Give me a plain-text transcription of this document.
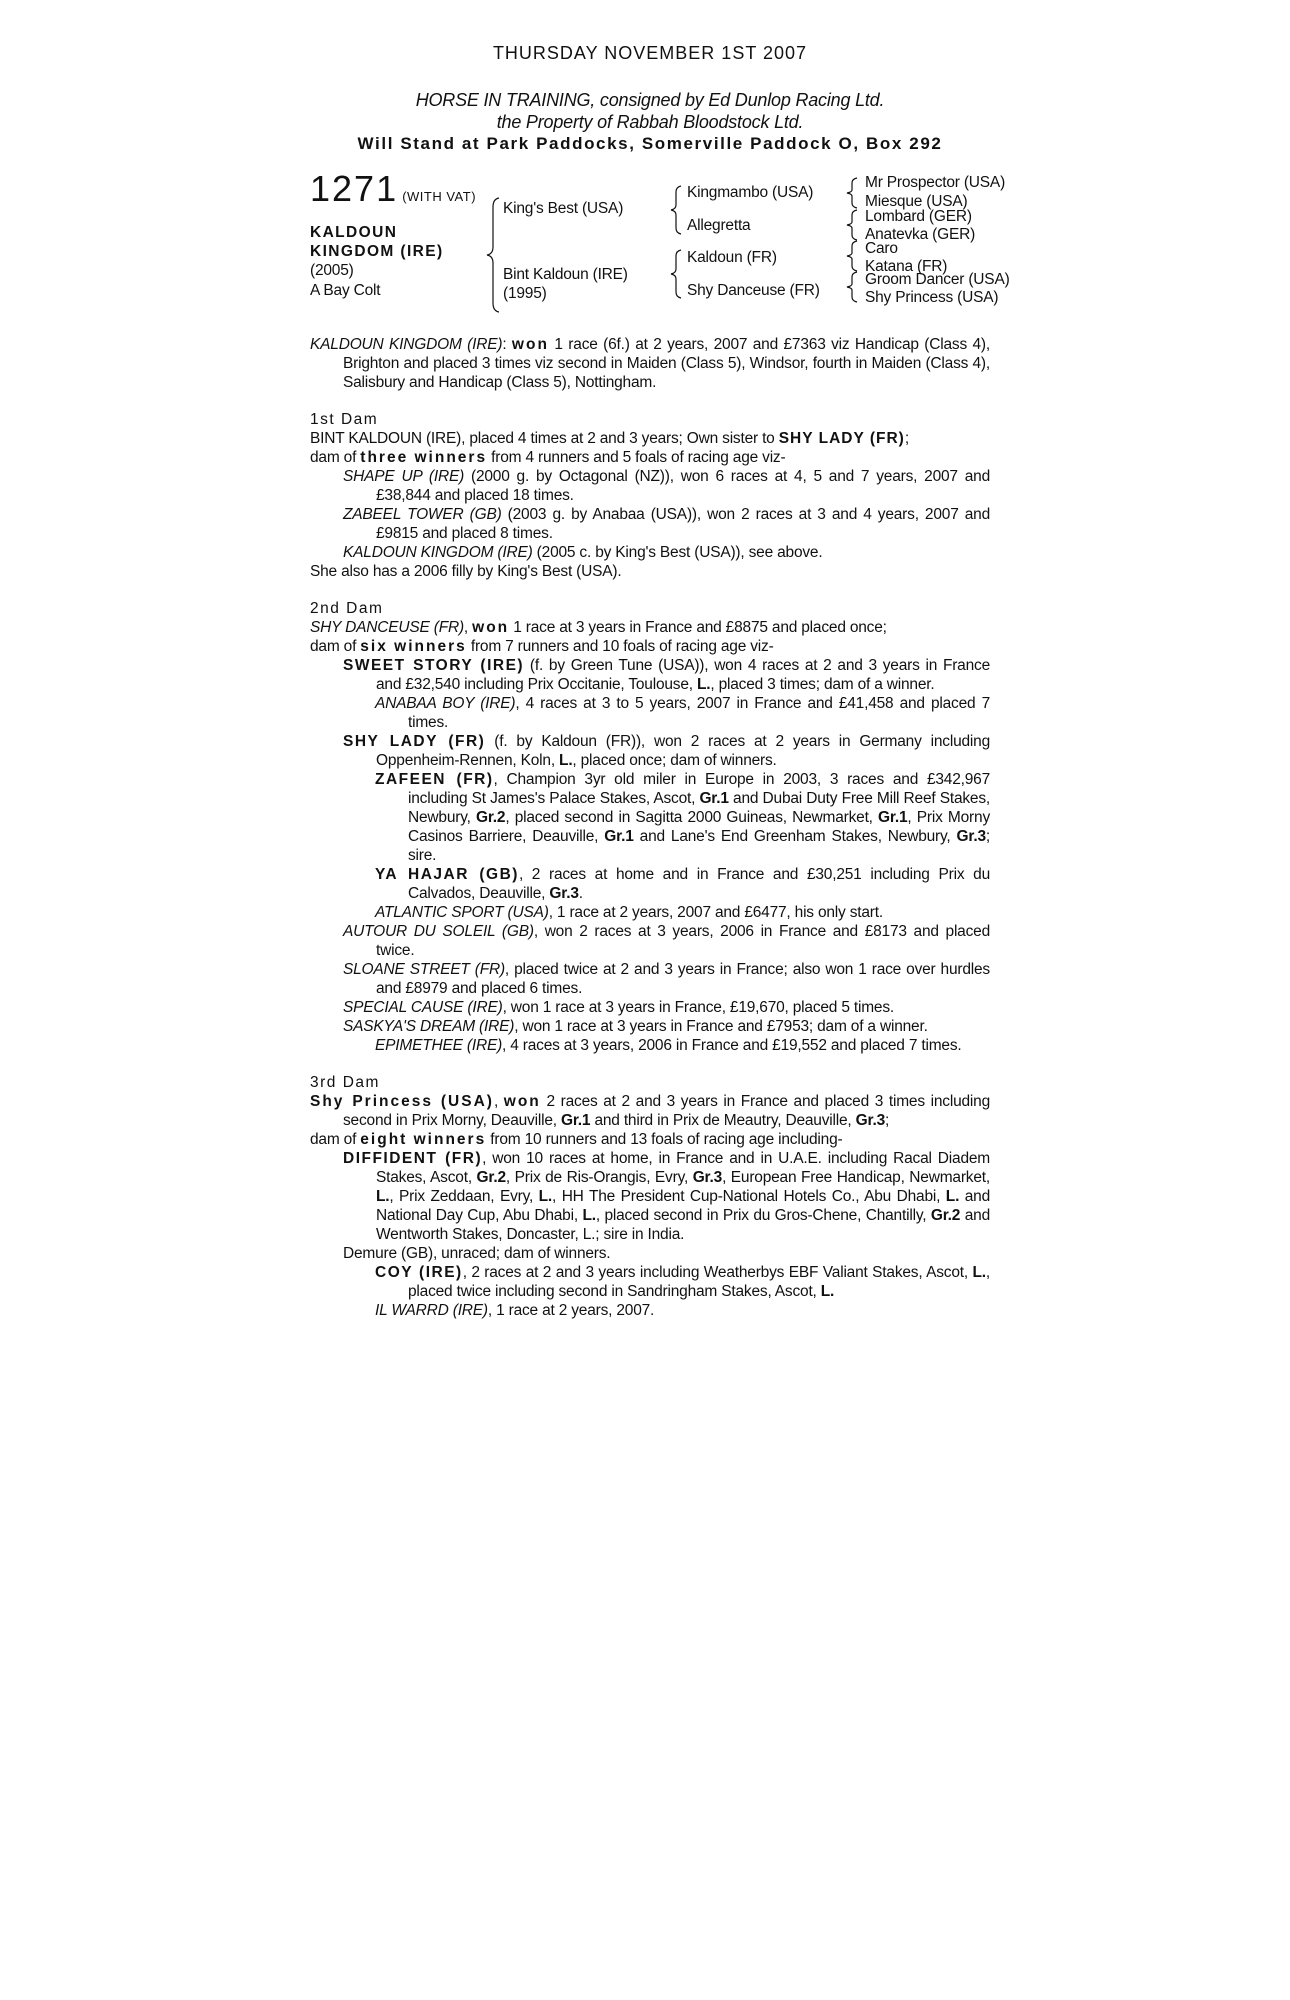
THURSDAY NOVEMBER 1ST 2007
HORSE IN TRAINING, consigned by Ed Dunlop Racing Ltd.
the Property of Rabbah Bloodstock Ltd.
Will Stand at Park Paddocks, Somerville Paddock O, Box 292
1271 (WITH VAT)
KALDOUN
KINGDOM (IRE)
(2005)
A Bay Colt
King's Best (USA)
Bint Kaldoun (IRE)
(1995)
Kingmambo (USA)
Allegretta
Kaldoun (FR)
Shy Danceuse (FR)
Mr Prospector (USA)
Miesque (USA)
Lombard (GER)
Anatevka (GER)
Caro
Katana (FR)
Groom Dancer (USA)
Shy Princess (USA)
KALDOUN KINGDOM (IRE): won 1 race (6f.) at 2 years, 2007 and £7363 viz Handicap (Class 4), Brighton and placed 3 times viz second in Maiden (Class 5), Windsor, fourth in Maiden (Class 4), Salisbury and Handicap (Class 5), Nottingham.
1st Dam
BINT KALDOUN (IRE), placed 4 times at 2 and 3 years; Own sister to SHY LADY (FR);
dam of three winners from 4 runners and 5 foals of racing age viz-
SHAPE UP (IRE) (2000 g. by Octagonal (NZ)), won 6 races at 4, 5 and 7 years, 2007 and £38,844 and placed 18 times.
ZABEEL TOWER (GB) (2003 g. by Anabaa (USA)), won 2 races at 3 and 4 years, 2007 and £9815 and placed 8 times.
KALDOUN KINGDOM (IRE) (2005 c. by King's Best (USA)), see above.
She also has a 2006 filly by King's Best (USA).
2nd Dam
SHY DANCEUSE (FR), won 1 race at 3 years in France and £8875 and placed once;
dam of six winners from 7 runners and 10 foals of racing age viz-
SWEET STORY (IRE) (f. by Green Tune (USA)), won 4 races at 2 and 3 years in France and £32,540 including Prix Occitanie, Toulouse, L., placed 3 times; dam of a winner.
ANABAA BOY (IRE), 4 races at 3 to 5 years, 2007 in France and £41,458 and placed 7 times.
SHY LADY (FR) (f. by Kaldoun (FR)), won 2 races at 2 years in Germany including Oppenheim-Rennen, Koln, L., placed once; dam of winners.
ZAFEEN (FR), Champion 3yr old miler in Europe in 2003, 3 races and £342,967 including St James's Palace Stakes, Ascot, Gr.1 and Dubai Duty Free Mill Reef Stakes, Newbury, Gr.2, placed second in Sagitta 2000 Guineas, Newmarket, Gr.1, Prix Morny Casinos Barriere, Deauville, Gr.1 and Lane's End Greenham Stakes, Newbury, Gr.3; sire.
YA HAJAR (GB), 2 races at home and in France and £30,251 including Prix du Calvados, Deauville, Gr.3.
ATLANTIC SPORT (USA), 1 race at 2 years, 2007 and £6477, his only start.
AUTOUR DU SOLEIL (GB), won 2 races at 3 years, 2006 in France and £8173 and placed twice.
SLOANE STREET (FR), placed twice at 2 and 3 years in France; also won 1 race over hurdles and £8979 and placed 6 times.
SPECIAL CAUSE (IRE), won 1 race at 3 years in France, £19,670, placed 5 times.
SASKYA'S DREAM (IRE), won 1 race at 3 years in France and £7953; dam of a winner.
EPIMETHEE (IRE), 4 races at 3 years, 2006 in France and £19,552 and placed 7 times.
3rd Dam
Shy Princess (USA), won 2 races at 2 and 3 years in France and placed 3 times including second in Prix Morny, Deauville, Gr.1 and third in Prix de Meautry, Deauville, Gr.3;
dam of eight winners from 10 runners and 13 foals of racing age including-
DIFFIDENT (FR), won 10 races at home, in France and in U.A.E. including Racal Diadem Stakes, Ascot, Gr.2, Prix de Ris-Orangis, Evry, Gr.3, European Free Handicap, Newmarket, L., Prix Zeddaan, Evry, L., HH The President Cup-National Hotels Co., Abu Dhabi, L. and National Day Cup, Abu Dhabi, L., placed second in Prix du Gros-Chene, Chantilly, Gr.2 and Wentworth Stakes, Doncaster, L.; sire in India.
Demure (GB), unraced; dam of winners.
COY (IRE), 2 races at 2 and 3 years including Weatherbys EBF Valiant Stakes, Ascot, L., placed twice including second in Sandringham Stakes, Ascot, L.
IL WARRD (IRE), 1 race at 2 years, 2007.
